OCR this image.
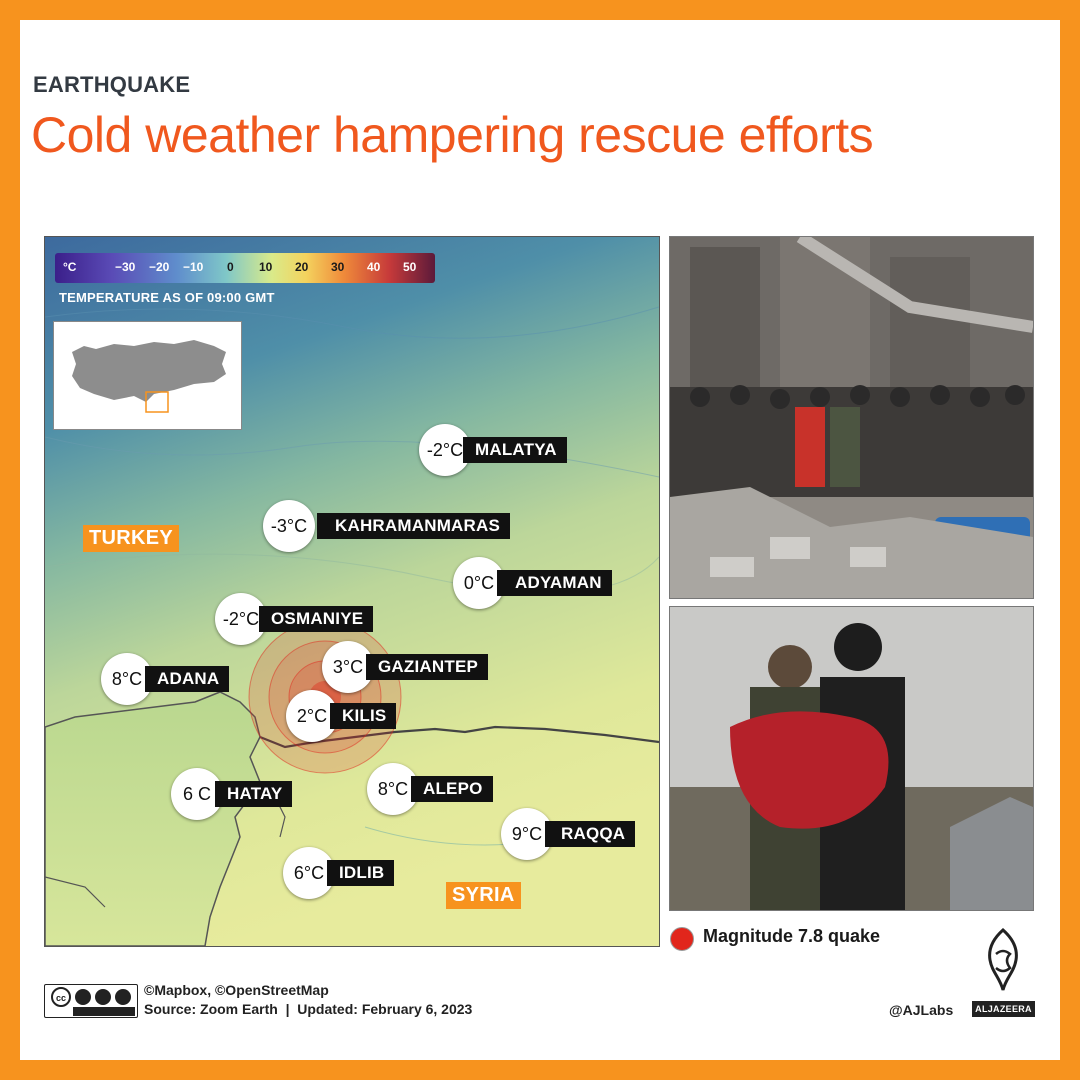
EARTHQUAKE
Cold weather hampering rescue efforts
°C	−30 −20 −10 0 10 20 30 40 50
TEMPERATURE AS OF 09:00 GMT
TURKEY
SYRIA
-2°C MALATYA
-3°C	KAHRAMANMARAS
0°C	ADYAMAN
-2°C OSMANIYE
3°C GAZIANTEP
8°C ADANA
2°C KILIS
6 C HATAY	8°C ALEPO
9°C	RAQQA
6°C IDLIB
Magnitude 7.8 quake
cc	©Mapbox, ©OpenStreetMap
Source: Zoom Earth  |  Updated: February 6, 2023	@AJLabs	ALJAZEERA
